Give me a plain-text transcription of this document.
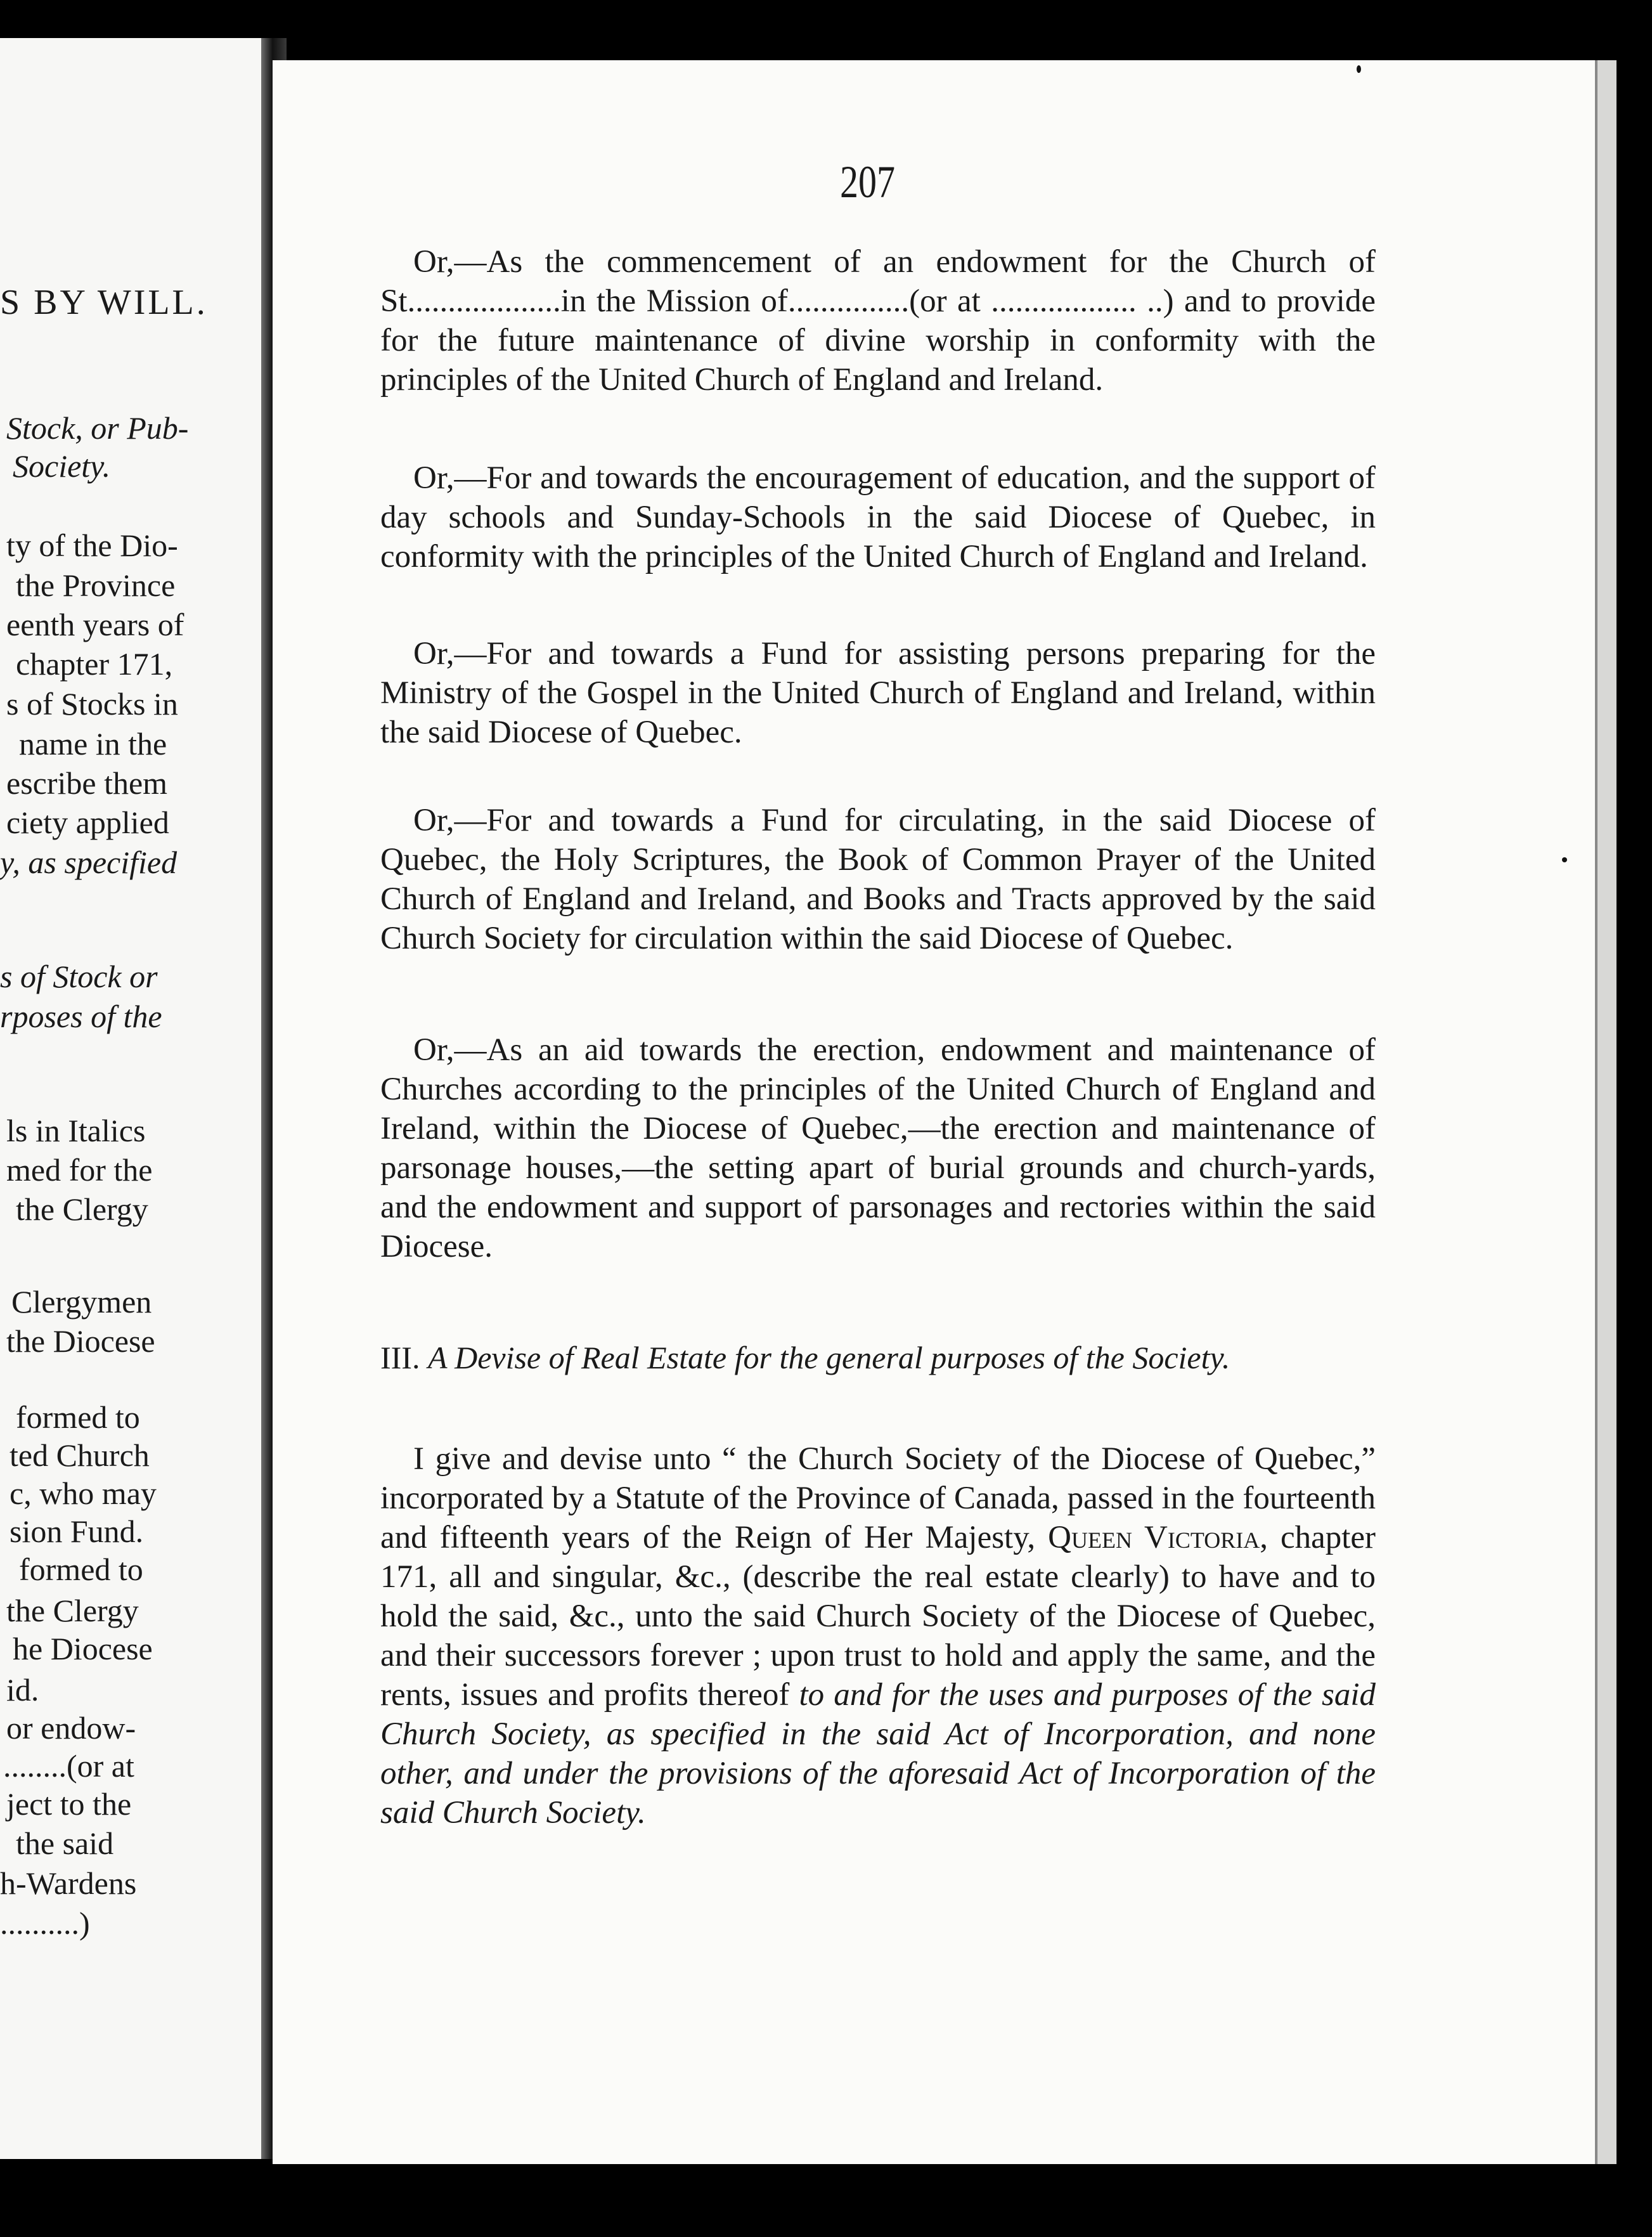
S BY WILL.
Stock, or Pub-
Society.
ty of the Dio-
the Province
eenth years of
chapter 171,
s of Stocks in
name in the
escribe them
ciety applied
y, as specified
s of Stock or
rposes of the
ls in Italics
med for the
the Clergy
Clergymen
the Diocese
formed to
ted Church
c, who may
sion Fund.
formed to
the Clergy
he Diocese
id.
or endow-
........(or at
ject to the
the said
h-Wardens
..........)
207

Or,—As the commencement of an endowment for the Church of St...................in the Mission of...............(or at .................. ..) and to provide for the future maintenance of divine worship in conformity with the principles of the United Church of England and Ireland.

Or,—For and towards the encouragement of education, and the support of day schools and Sunday-Schools in the said Diocese of Quebec, in conformity with the principles of the United Church of England and Ireland.

Or,—For and towards a Fund for assisting persons preparing for the Ministry of the Gospel in the United Church of England and Ireland, within the said Diocese of Quebec.

Or,—For and towards a Fund for circulating, in the said Diocese of Quebec, the Holy Scriptures, the Book of Common Prayer of the United Church of England and Ireland, and Books and Tracts approved by the said Church Society for circulation within the said Diocese of Quebec.

Or,—As an aid towards the erection, endowment and maintenance of Churches according to the principles of the United Church of England and Ireland, within the Diocese of Quebec,—the erection and maintenance of parsonage houses,—the setting apart of burial grounds and church-yards, and the endowment and support of parsonages and rectories within the said Diocese.

III. A Devise of Real Estate for the general purposes of the Society.

I give and devise unto “ the Church Society of the Diocese of Quebec,” incorporated by a Statute of the Province of Canada, passed in the fourteenth and fifteenth years of the Reign of Her Majesty, Queen Victoria, chapter 171, all and singular, &c., (describe the real estate clearly) to have and to hold the said, &c., unto the said Church Society of the Diocese of Quebec, and their successors forever ; upon trust to hold and apply the same, and the rents, issues and profits thereof to and for the uses and purposes of the said Church Society, as specified in the said Act of Incorporation, and none other, and under the provisions of the aforesaid Act of Incorporation of the said Church Society.
